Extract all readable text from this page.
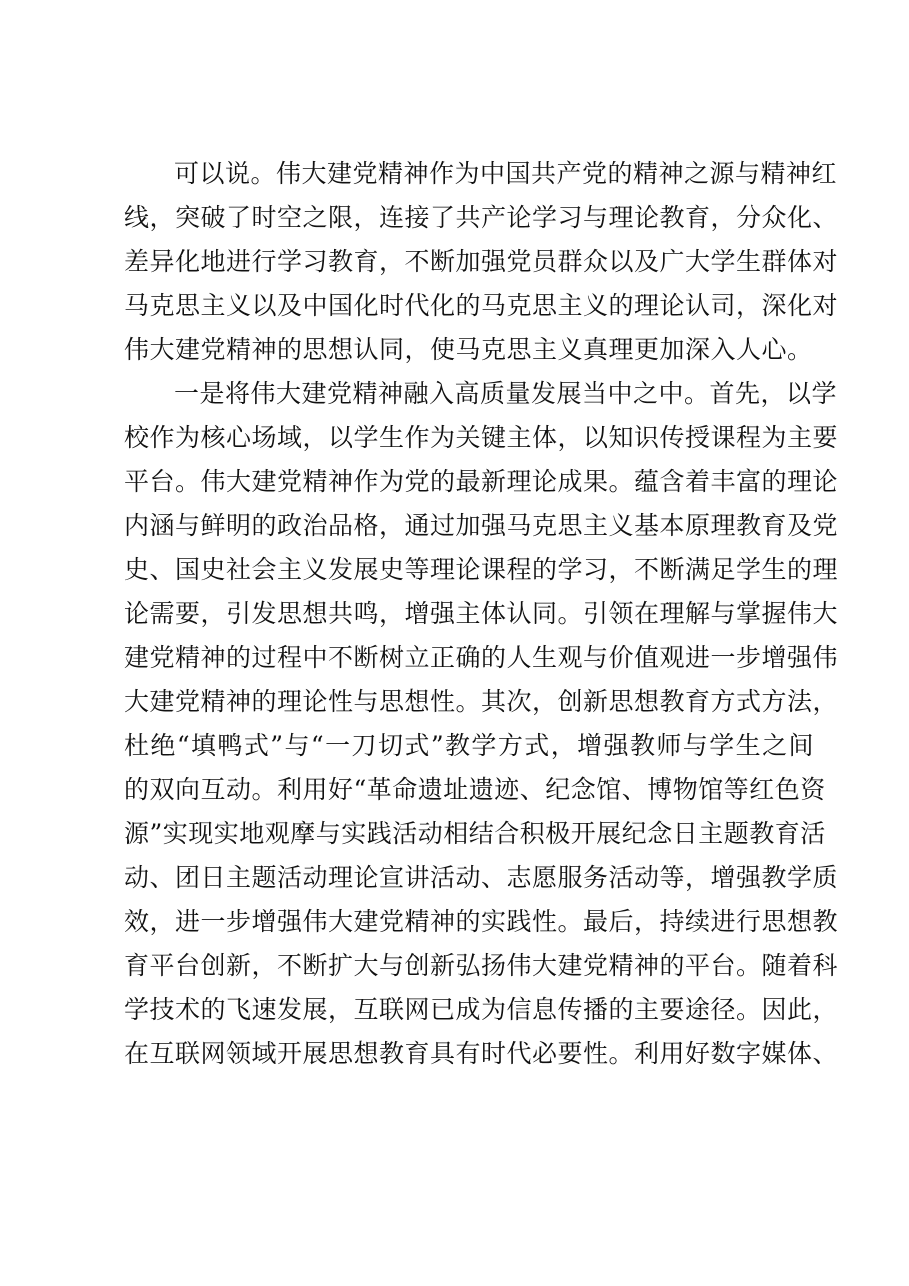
可以说。伟大建党精神作为中国共产党的精神之源与精神红
线，突破了时空之限，连接了共产论学习与理论教育，分众化、
差异化地进行学习教育，不断加强党员群众以及广大学生群体对
马克思主义以及中国化时代化的马克思主义的理论认司，深化对
伟大建党精神的思想认同，使马克思主义真理更加深入人心。
一是将伟大建党精神融入高质量发展当中之中。首先，以学
校作为核心场域，以学生作为关键主体，以知识传授课程为主要
平台。伟大建党精神作为党的最新理论成果。蕴含着丰富的理论
内涵与鲜明的政治品格，通过加强马克思主义基本原理教育及党
史、国史社会主义发展史等理论课程的学习，不断满足学生的理
论需要，引发思想共鸣，增强主体认同。引领在理解与掌握伟大
建党精神的过程中不断树立正确的人生观与价值观进一步增强伟
大建党精神的理论性与思想性。其次，创新思想教育方式方法，
杜绝“填鸭式”与“一刀切式”教学方式，增强教师与学生之间
的双向互动。利用好“革命遗址遗迹、纪念馆、博物馆等红色资
源”实现实地观摩与实践活动相结合积极开展纪念日主题教育活
动、团日主题活动理论宣讲活动、志愿服务活动等，增强教学质
效，进一步增强伟大建党精神的实践性。最后，持续进行思想教
育平台创新，不断扩大与创新弘扬伟大建党精神的平台。随着科
学技术的飞速发展，互联网已成为信息传播的主要途径。因此，
在互联网领域开展思想教育具有时代必要性。利用好数字媒体、
